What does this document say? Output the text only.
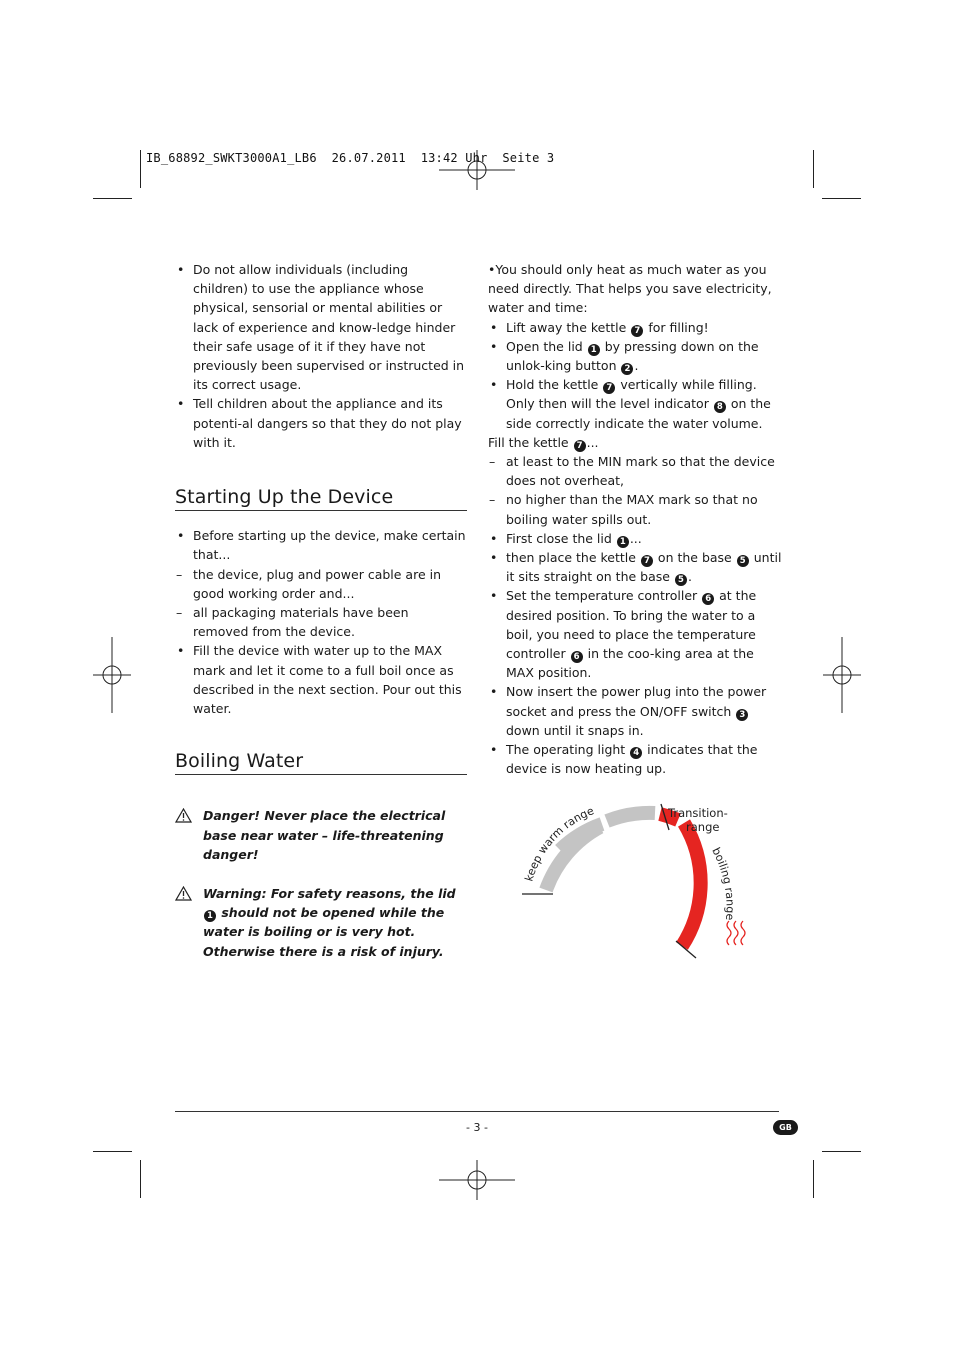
IB_68892_SWKT3000A1_LB6  26.07.2011  13:42 Uhr  Seite 3
• Do not allow individuals (including children) to use the appliance whose physical, sensorial or mental abilities or lack of experience and know-ledge hinder their safe usage of it if they have not previously been supervised or instructed in its correct usage.
• Tell children about the appliance and its potenti-al dangers so that they do not play with it.
Starting Up the Device
• Before starting up the device, make certain that...
– the device, plug and power cable are in good working order and...
– all packaging materials have been removed from the device.
• Fill the device with water up to the MAX mark and let it come to a full boil once as described in the next section. Pour out this water.
Boiling Water
Danger! Never place the electrical base near water – life-threatening danger!
Warning: For safety reasons, the lid 1 should not be opened while the water is boiling or is very hot. Otherwise there is a risk of injury.
•You should only heat as much water as you need directly. That helps you save electricity, water and time:
• Lift away the kettle 7 for filling!
• Open the lid 1 by pressing down on the unlok-king button 2 .
• Hold the kettle 7 vertically while filling. Only then will the level indicator 8 on the side correctly indicate the water volume.
Fill the kettle 7 ...
– at least to the MIN mark so that the device does not overheat,
– no higher than the MAX mark so that no boiling water spills out.
• First close the lid 1 ...
• then place the kettle 7 on the base 5 until it sits straight on the base 5 .
• Set the temperature controller 6 at the desired position. To bring the water to a boil, you need to place the temperature controller 6 in the coo-king area at the MAX position.
• Now insert the power plug into the power socket and press the ON/OFF switch 3 down until it snaps in.
• The operating light 4 indicates that the device is now heating up.
keep warm range	Transition-
range
boiling range
- 3 -	GB
